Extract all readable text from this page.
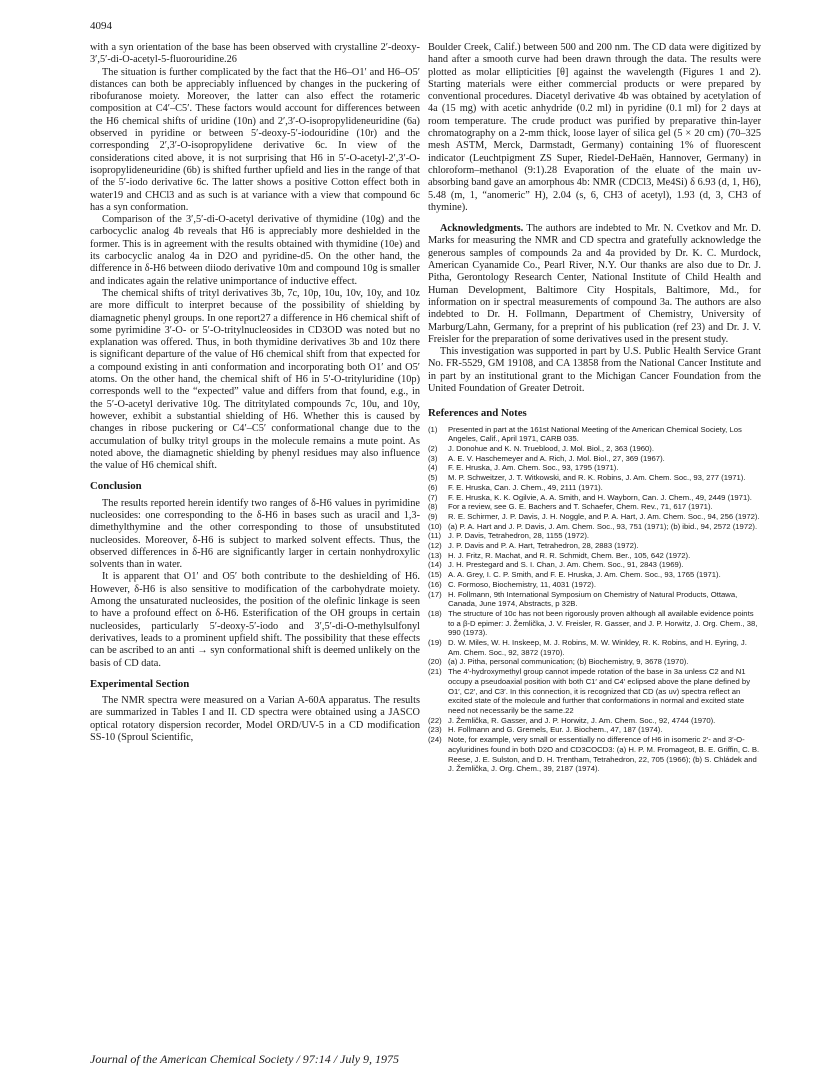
4094

with a syn orientation of the base has been observed with crystalline 2′-deoxy-3′,5′-di-O-acetyl-5-fluorouridine.26

The situation is further complicated by the fact that the H6–O1′ and H6–O5′ distances can both be appreciably influenced by changes in the puckering of ribofuranose moiety. Moreover, the latter can also effect the rotameric composition at C4′–C5′. These factors would account for differences between the H6 chemical shifts of uridine (10n) and 2′,3′-O-isopropylideneuridine (6a) observed in pyridine or between 5′-deoxy-5′-iodouridine (10r) and the corresponding 2′,3′-O-isopropylidene derivative 6c. In view of the considerations cited above, it is not surprising that H6 in 5′-O-acetyl-2′,3′-O-isopropylideneuridine (6b) is shifted further upfield and lies in the range of that of the 5′-iodo derivative 6c. The latter shows a positive Cotton effect both in water19 and CHCl3 and as such is at variance with a view that compound 6c has a syn conformation.

Comparison of the 3′,5′-di-O-acetyl derivative of thymidine (10g) and the carbocyclic analog 4b reveals that H6 is appreciably more deshielded in the former. This is in agreement with the results obtained with thymidine (10e) and its carbocyclic analog 4a in D2O and pyridine-d5. On the other hand, the difference in δ-H6 between diiodo derivative 10m and compound 10g is smaller and indicates again the relative unimportance of inductive effect.

The chemical shifts of trityl derivatives 3b, 7c, 10p, 10u, 10v, 10y, and 10z are more difficult to interpret because of the possibility of shielding by diamagnetic phenyl groups. In one report27 a difference in H6 chemical shift of some pyrimidine 3′-O- or 5′-O-tritylnucleosides in CD3OD was noted but no explanation was offered. Thus, in both thymidine derivatives 3b and 10z there is significant departure of the value of H6 chemical shift from that expected for a compound existing in anti conformation and incorporating both O1′ and O5′ atoms. On the other hand, the chemical shift of H6 in 5′-O-trityluridine (10p) corresponds well to the “expected” value and differs from that found, e.g., in the 5′-O-acetyl derivative 10g. The ditritylated compounds 7c, 10u, and 10y, however, exhibit a substantial shielding of H6. Whether this is caused by changes in ribose puckering or C4′–C5′ conformational change due to the accumulation of bulky trityl groups in the molecule remains a mute point. As noted above, the diamagnetic shielding by phenyl residues may also influence the value of H6 chemical shift.

Conclusion

The results reported herein identify two ranges of δ-H6 values in pyrimidine nucleosides: one corresponding to the δ-H6 in bases such as uracil and 1,3-dimethylthymine and the other corresponding to those of unsubstituted nucleosides. Moreover, δ-H6 is subject to marked solvent effects. Thus, the observed differences in δ-H6 are significantly larger in certain nonhydroxylic solvents than in water.

It is apparent that O1′ and O5′ both contribute to the deshielding of H6. However, δ-H6 is also sensitive to modification of the carbohydrate moiety. Among the unsaturated nucleosides, the position of the olefinic linkage is seen to have a profound effect on δ-H6. Esterification of the OH groups in certain nucleosides, particularly 5′-deoxy-5′-iodo and 3′,5′-di-O-methylsulfonyl derivatives, leads to a prominent upfield shift. The possibility that these effects can be ascribed to an anti → syn conformational shift is deemed unlikely on the basis of CD data.

Experimental Section

The NMR spectra were measured on a Varian A-60A apparatus. The results are summarized in Tables I and II. CD spectra were obtained using a JASCO optical rotatory dispersion recorder, Model ORD/UV-5 in a CD modification SS-10 (Sproul Scientific,

Boulder Creek, Calif.) between 500 and 200 nm. The CD data were digitized by hand after a smooth curve had been drawn through the data. The results were plotted as molar ellipticities [θ] against the wavelength (Figures 1 and 2). Starting materials were either commercial products or were prepared by conventional procedures. Diacetyl derivative 4b was obtained by acetylation of 4a (15 mg) with acetic anhydride (0.2 ml) in pyridine (0.1 ml) for 2 days at room temperature. The crude product was purified by preparative thin-layer chromatography on a 2-mm thick, loose layer of silica gel (5 × 20 cm) (70–325 mesh ASTM, Merck, Darmstadt, Germany) containing 1% of fluorescent indicator (Leuchtpigment ZS Super, Riedel-DeHaën, Hannover, Germany) in chloroform–methanol (9:1).28 Evaporation of the eluate of the main uv-absorbing band gave an amorphous 4b: NMR (CDCl3, Me4Si) δ 6.93 (d, 1, H6), 5.48 (m, 1, “anomeric” H), 2.04 (s, 6, CH3 of acetyl), 1.93 (d, 3, CH3 of thymine).

Acknowledgments. The authors are indebted to Mr. N. Cvetkov and Mr. D. Marks for measuring the NMR and CD spectra and gratefully acknowledge the generous samples of compounds 2a and 4a provided by Dr. K. C. Murdock, American Cyanamide Co., Pearl River, N.Y. Our thanks are also due to Dr. J. Pitha, Gerontology Research Center, National Institute of Child Health and Human Development, Baltimore City Hospitals, Baltimore, Md., for information on ir spectral measurements of compound 3a. The authors are also indebted to Dr. H. Follmann, Department of Chemistry, University of Marburg/Lahn, Germany, for a preprint of his publication (ref 23) and Dr. J. V. Freisler for the preparation of some derivatives used in the present study.

This investigation was supported in part by U.S. Public Health Service Grant No. FR-5529, GM 19108, and CA 13858 from the National Cancer Institute and in part by an institutional grant to the Michigan Cancer Foundation from the United Foundation of Greater Detroit.

References and Notes
(1)	Presented in part at the 161st National Meeting of the American Chemical Society, Los Angeles, Calif., April 1971, CARB 035.
(2)	J. Donohue and K. N. Trueblood, J. Mol. Biol., 2, 363 (1960).
(3)	A. E. V. Haschemeyer and A. Rich, J. Mol. Biol., 27, 369 (1967).
(4)	F. E. Hruska, J. Am. Chem. Soc., 93, 1795 (1971).
(5)	M. P. Schweitzer, J. T. Witkowski, and R. K. Robins, J. Am. Chem. Soc., 93, 277 (1971).
(6)	F. E. Hruska, Can. J. Chem., 49, 2111 (1971).
(7)	F. E. Hruska, K. K. Ogilvie, A. A. Smith, and H. Wayborn, Can. J. Chem., 49, 2449 (1971).
(8)	For a review, see G. E. Bachers and T. Schaefer, Chem. Rev., 71, 617 (1971).
(9)	R. E. Schirmer, J. P. Davis, J. H. Noggle, and P. A. Hart, J. Am. Chem. Soc., 94, 256 (1972).
(10) (a) P. A. Hart and J. P. Davis, J. Am. Chem. Soc., 93, 751 (1971); (b) ibid., 94, 2572 (1972).
(11) J. P. Davis, Tetrahedron, 28, 1155 (1972).
(12) J. P. Davis and P. A. Hart, Tetrahedron, 28, 2883 (1972).
(13) H. J. Fritz, R. Machat, and R. R. Schmidt, Chem. Ber., 105, 642 (1972).
(14) J. H. Prestegard and S. I. Chan, J. Am. Chem. Soc., 91, 2843 (1969).
(15) A. A. Grey, I. C. P. Smith, and F. E. Hruska, J. Am. Chem. Soc., 93, 1765 (1971).
(16) C. Formoso, Biochemistry, 11, 4031 (1972).
(17) H. Follmann, 9th International Symposium on Chemistry of Natural Products, Ottawa, Canada, June 1974, Abstracts, p 32B.
(18) The structure of 10c has not been rigorously proven although all available evidence points to a β-D epimer: J. Žemlička, J. V. Freisler, R. Gasser, and J. P. Horwitz, J. Org. Chem., 38, 990 (1973).
(19) D. W. Miles, W. H. Inskeep, M. J. Robins, M. W. Winkley, R. K. Robins, and H. Eyring, J. Am. Chem. Soc., 92, 3872 (1970).
(20) (a) J. Pitha, personal communication; (b) Biochemistry, 9, 3678 (1970).
(21) The 4′-hydroxymethyl group cannot impede rotation of the base in 3a unless C2 and N1 occupy a pseudoaxial position with both C1′ and C4′ eclipsed above the plane defined by O1′, C2′, and C3′. In this connection, it is recognized that CD (as uv) spectra reflect an excited state of the molecule and further that conformations in normal and excited state need not necessarily be the same.22
(22) J. Žemlička, R. Gasser, and J. P. Horwitz, J. Am. Chem. Soc., 92, 4744 (1970).
(23) H. Follmann and G. Gremels, Eur. J. Biochem., 47, 187 (1974).
(24) Note, for example, very small or essentially no difference of H6 in isomeric 2′- and 3′-O-acyluridines found in both D2O and CD3COCD3: (a) H. P. M. Fromageot, B. E. Griffin, C. B. Reese, J. E. Sulston, and D. H. Trentham, Tetrahedron, 22, 705 (1966); (b) S. Chládek and J. Žemlička, J. Org. Chem., 39, 2187 (1974).
Journal of the American Chemical Society / 97:14 / July 9, 1975
